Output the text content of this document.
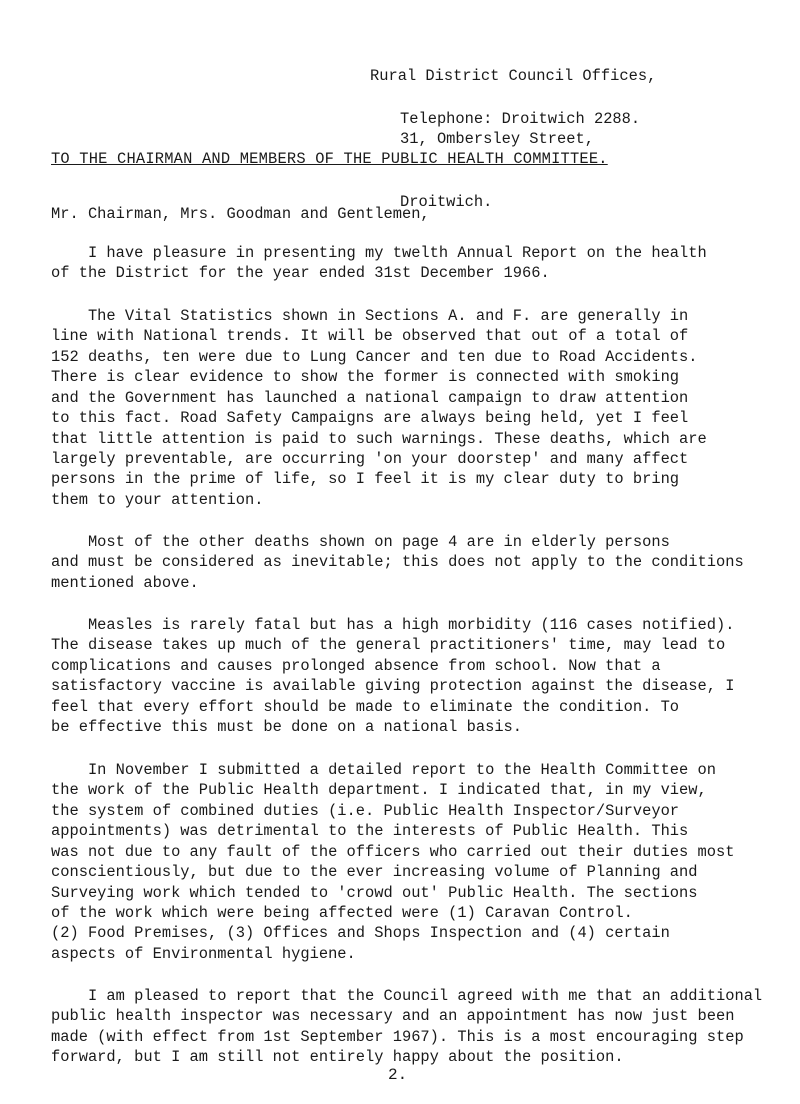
Rural District Council Offices,

31, Ombersley Street,

Droitwich.

Telephone: Droitwich 2288.
TO THE CHAIRMAN AND MEMBERS OF THE PUBLIC HEALTH COMMITTEE.
Mr. Chairman, Mrs. Goodman and Gentlemen,
I have pleasure in presenting my twelth Annual Report on the health
of the District for the year ended 31st December 1966.
The Vital Statistics shown in Sections A. and F. are generally in
line with National trends. It will be observed that out of a total of
152 deaths, ten were due to Lung Cancer and ten due to Road Accidents.
There is clear evidence to show the former is connected with smoking
and the Government has launched a national campaign to draw attention
to this fact. Road Safety Campaigns are always being held, yet I feel
that little attention is paid to such warnings. These deaths, which are
largely preventable, are occurring 'on your doorstep' and many affect
persons in the prime of life, so I feel it is my clear duty to bring
them to your attention.
Most of the other deaths shown on page 4 are in elderly persons
and must be considered as inevitable; this does not apply to the conditions
mentioned above.
Measles is rarely fatal but has a high morbidity (116 cases notified).
The disease takes up much of the general practitioners' time, may lead to
complications and causes prolonged absence from school. Now that a
satisfactory vaccine is available giving protection against the disease, I
feel that every effort should be made to eliminate the condition. To
be effective this must be done on a national basis.
In November I submitted a detailed report to the Health Committee on
the work of the Public Health department. I indicated that, in my view,
the system of combined duties (i.e. Public Health Inspector/Surveyor
appointments) was detrimental to the interests of Public Health. This
was not due to any fault of the officers who carried out their duties most
conscientiously, but due to the ever increasing volume of Planning and
Surveying work which tended to 'crowd out' Public Health. The sections
of the work which were being affected were (1) Caravan Control.
(2) Food Premises, (3) Offices and Shops Inspection and (4) certain
aspects of Environmental hygiene.
I am pleased to report that the Council agreed with me that an additional
public health inspector was necessary and an appointment has now just been
made (with effect from 1st September 1967). This is a most encouraging step
forward, but I am still not entirely happy about the position.
2.
